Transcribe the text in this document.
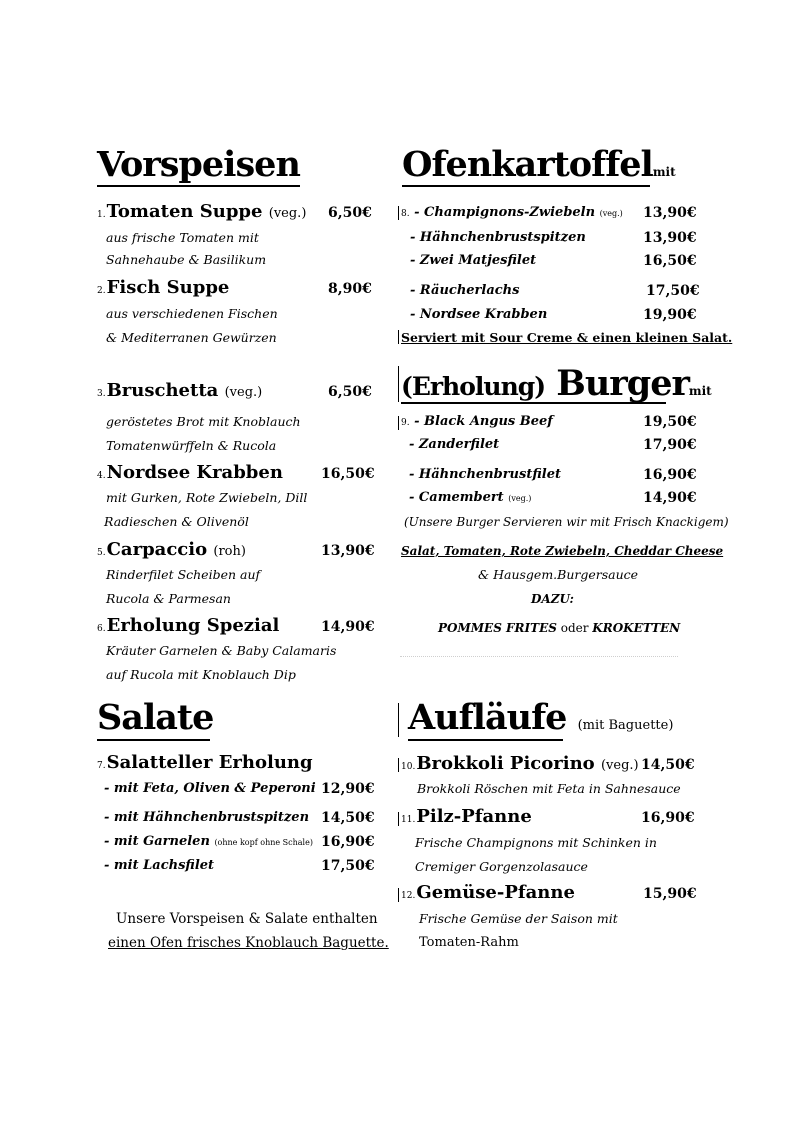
Vorspeisen
1.Tomaten Suppe (veg.) 6,50€
aus frische Tomaten mit
Sahnehaube & Basilikum
2.Fisch Suppe	8,90€
aus verschiedenen Fischen
& Mediterranen Gewürzen
3.Bruschetta (veg.)	6,50€
geröstetes Brot mit Knoblauch
Tomatenwürffeln & Rucola
4.Nordsee Krabben	16,50€
mit Gurken, Rote Zwiebeln, Dill
Radieschen & Olivenöl
5.Carpaccio (roh)	13,90€
Rinderfilet Scheiben auf
Rucola & Parmesan
6.Erholung Spezial	14,90€
Kräuter Garnelen & Baby Calamaris
auf Rucola mit Knoblauch Dip
Salate
7.Salatteller Erholung
- mit Feta, Oliven & Peperoni 12,90€
- mit Hähnchenbrustspitzen 14,50€
- mit Garnelen (ohne kopf ohne Schale) 16,90€
- mit Lachsfilet	17,50€
Unsere Vorspeisen & Salate enthalten
einen Ofen frisches Knoblauch Baguette.
Ofenkartoffelmit
8. - Champignons-Zwiebeln (veg.) 13,90€
- Hähnchenbrustspitzen	13,90€
- Zwei Matjesfilet	16,50€
- Räucherlachs	17,50€
- Nordsee Krabben	19,90€
Serviert mit Sour Creme & einen kleinen Salat.
(Erholung) Burgermit
9. - Black Angus Beef	19,50€
- Zanderfilet	17,90€
- Hähnchenbrustfilet	16,90€
- Camembert (veg.)	14,90€
(Unsere Burger Servieren wir mit Frisch Knackigem)
Salat, Tomaten, Rote Zwiebeln, Cheddar Cheese
& Hausgem.Burgersauce
DAZU:
POMMES FRITES oder KROKETTEN
Aufläufe (mit Baguette)
10.Brokkoli Picorino (veg.) 14,50€
Brokkoli Röschen mit Feta in Sahnesauce
11.Pilz-Pfanne	16,90€
Frische Champignons mit Schinken in
Cremiger Gorgenzolasauce
12.Gemüse-Pfanne	15,90€
Frische Gemüse der Saison mit
Tomaten-Rahm
